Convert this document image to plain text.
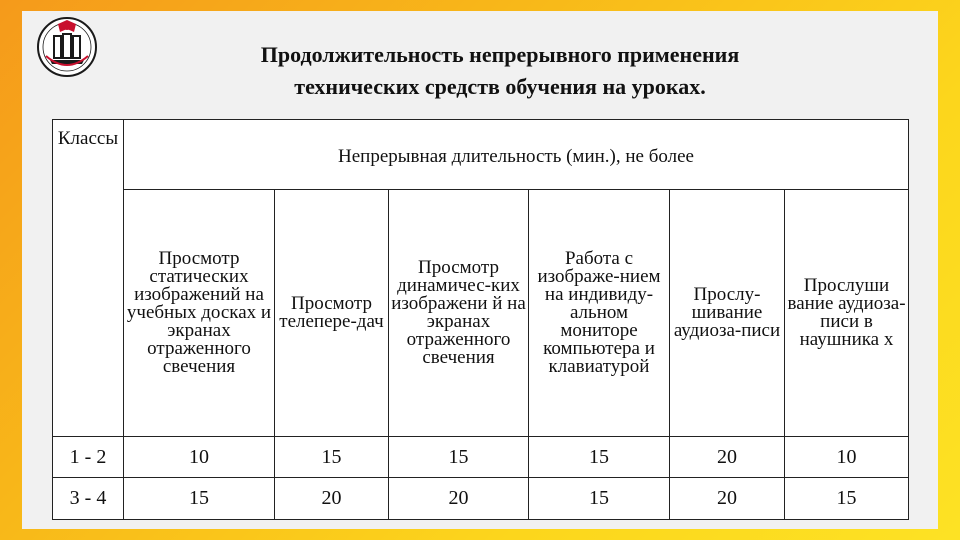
Продолжительность непрерывного применения
технических средств обучения на уроках.
Классы	Непрерывная длительность (мин.), не более					
	Просмотр статических изображений на учебных досках и экранах отраженного свечения	Просмотр телепере-дач	Просмотр динамичес-ких изображени й на экранах отраженного свечения	Работа с изображе-нием на индивиду-альном мониторе компьютера и клавиатурой	Прослу-шивание аудиоза-писи	Прослуши вание аудиоза-писи в наушника х
1 - 2	10	15	15	15	20	10
3 - 4	15	20	20	15	20	15
